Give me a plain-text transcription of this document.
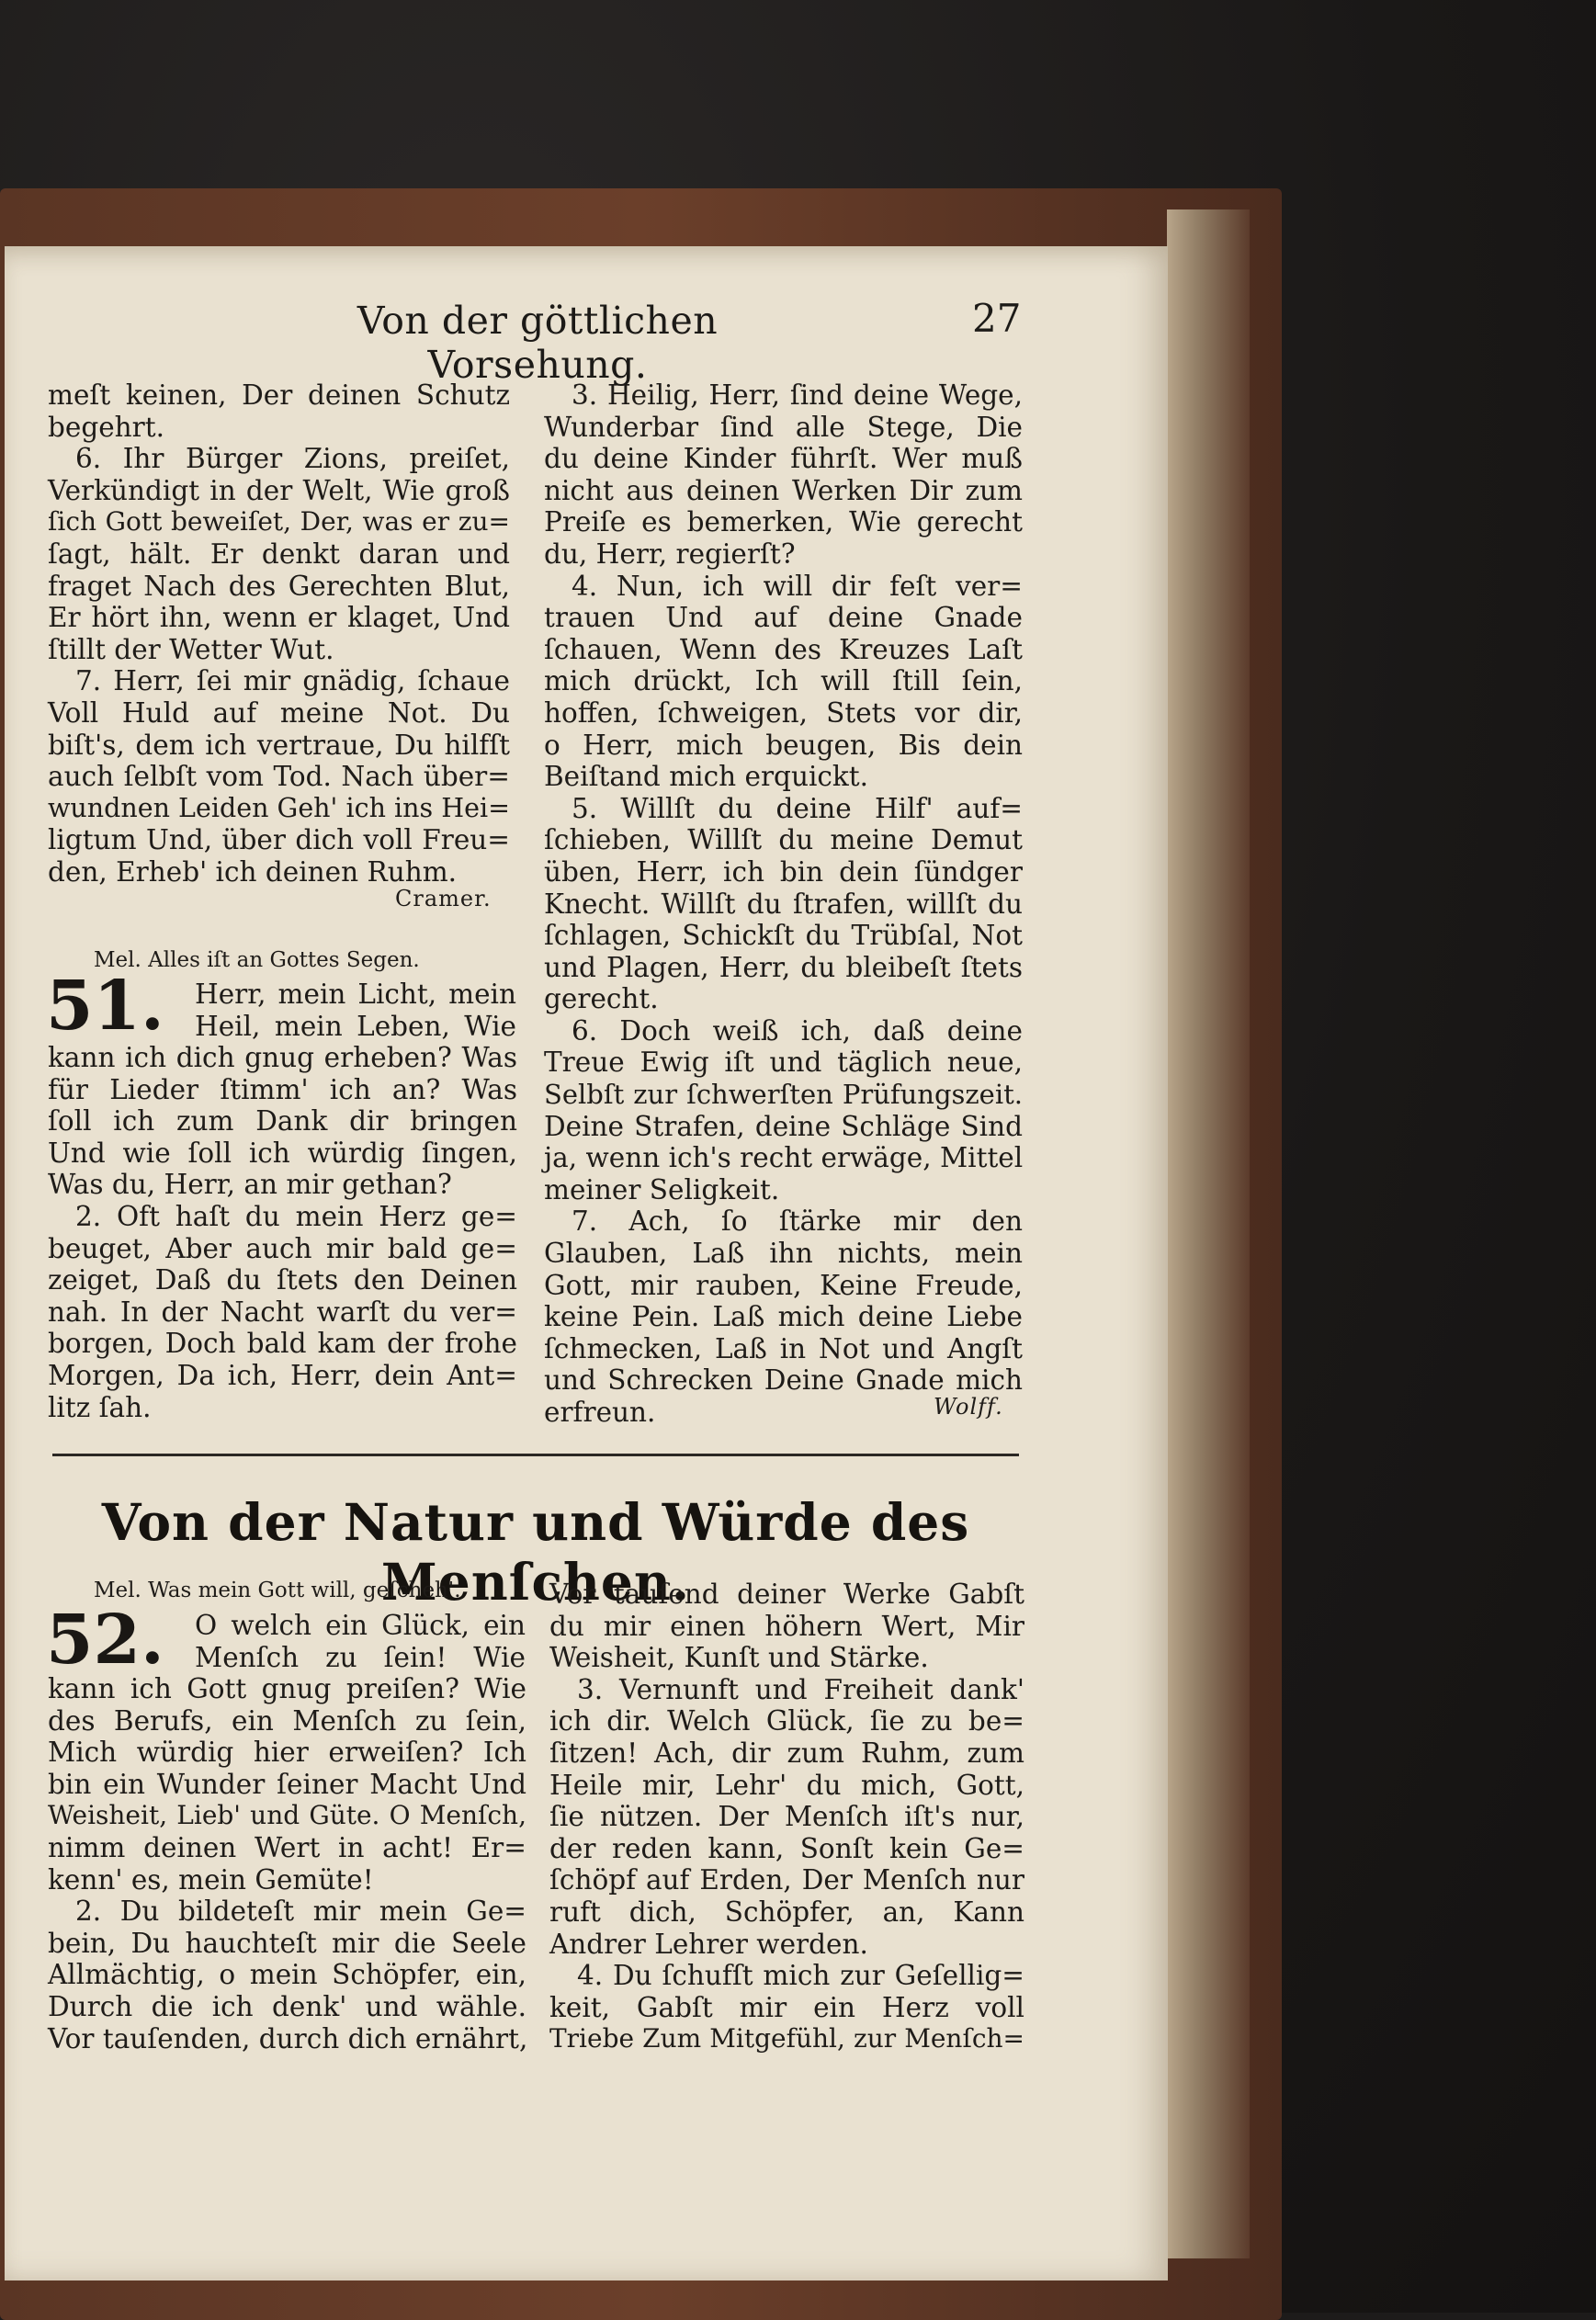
Von der göttlichen Vorsehung.
27
meſt keinen, Der deinen Schutz
begehrt.
6. Ihr Bürger Zions, preiſet,
Verkündigt in der Welt, Wie groß
ſich Gott beweiſet, Der, was er zu=
ſagt, hält. Er denkt daran und
fraget Nach des Gerechten Blut,
Er hört ihn, wenn er klaget, Und
ſtillt der Wetter Wut.
7. Herr, ſei mir gnädig, ſchaue
Voll Huld auf meine Not. Du
biſt's, dem ich vertraue, Du hilfſt
auch ſelbſt vom Tod. Nach über=
wundnen Leiden Geh' ich ins Hei=
ligtum Und, über dich voll Freu=
den, Erheb' ich deinen Ruhm.
Cramer.
Mel. Alles iſt an Gottes Segen.
51. Herr, mein Licht, mein
Heil, mein Leben, Wie
kann ich dich gnug erheben? Was
für Lieder ſtimm' ich an? Was
ſoll ich zum Dank dir bringen
Und wie ſoll ich würdig ſingen,
Was du, Herr, an mir gethan?
2. Oft haſt du mein Herz ge=
beuget, Aber auch mir bald ge=
zeiget, Daß du ſtets den Deinen
nah. In der Nacht warſt du ver=
borgen, Doch bald kam der frohe
Morgen, Da ich, Herr, dein Ant=
litz ſah.
3. Heilig, Herr, ſind deine Wege,
Wunderbar ſind alle Stege, Die
du deine Kinder führſt. Wer muß
nicht aus deinen Werken Dir zum
Preiſe es bemerken, Wie gerecht
du, Herr, regierſt?
4. Nun, ich will dir feſt ver=
trauen Und auf deine Gnade
ſchauen, Wenn des Kreuzes Laſt
mich drückt, Ich will ſtill ſein,
hoffen, ſchweigen, Stets vor dir,
o Herr, mich beugen, Bis dein
Beiſtand mich erquickt.
5. Willſt du deine Hilf' auf=
ſchieben, Willſt du meine Demut
üben, Herr, ich bin dein ſündger
Knecht. Willſt du ſtrafen, willſt du
ſchlagen, Schickſt du Trübſal, Not
und Plagen, Herr, du bleibeſt ſtets
gerecht.
6. Doch weiß ich, daß deine
Treue Ewig iſt und täglich neue,
Selbſt zur ſchwerſten Prüfungszeit.
Deine Strafen, deine Schläge Sind
ja, wenn ich's recht erwäge, Mittel
meiner Seligkeit.
7. Ach, ſo ſtärke mir den
Glauben, Laß ihn nichts, mein
Gott, mir rauben, Keine Freude,
keine Pein. Laß mich deine Liebe
ſchmecken, Laß in Not und Angſt
und Schrecken Deine Gnade mich
erfreun.	Wolff.
Von der Natur und Würde des Menſchen.
Mel. Was mein Gott will, geſcheh'.
52. O welch ein Glück, ein
Menſch zu ſein! Wie
kann ich Gott gnug preiſen? Wie
des Berufs, ein Menſch zu ſein,
Mich würdig hier erweiſen? Ich
bin ein Wunder ſeiner Macht Und
Weisheit, Lieb' und Güte. O Menſch,
nimm deinen Wert in acht! Er=
kenn' es, mein Gemüte!
2. Du bildeteſt mir mein Ge=
bein, Du hauchteſt mir die Seele
Allmächtig, o mein Schöpfer, ein,
Durch die ich denk' und wähle.
Vor tauſenden, durch dich ernährt,
Vor tauſend deiner Werke Gabſt
du mir einen höhern Wert, Mir
Weisheit, Kunſt und Stärke.
3. Vernunft und Freiheit dank'
ich dir. Welch Glück, ſie zu be=
ſitzen! Ach, dir zum Ruhm, zum
Heile mir, Lehr' du mich, Gott,
ſie nützen. Der Menſch iſt's nur,
der reden kann, Sonſt kein Ge=
ſchöpf auf Erden, Der Menſch nur
ruft dich, Schöpfer, an, Kann
Andrer Lehrer werden.
4. Du ſchufſt mich zur Geſellig=
keit, Gabſt mir ein Herz voll
Triebe Zum Mitgefühl, zur Menſch=
